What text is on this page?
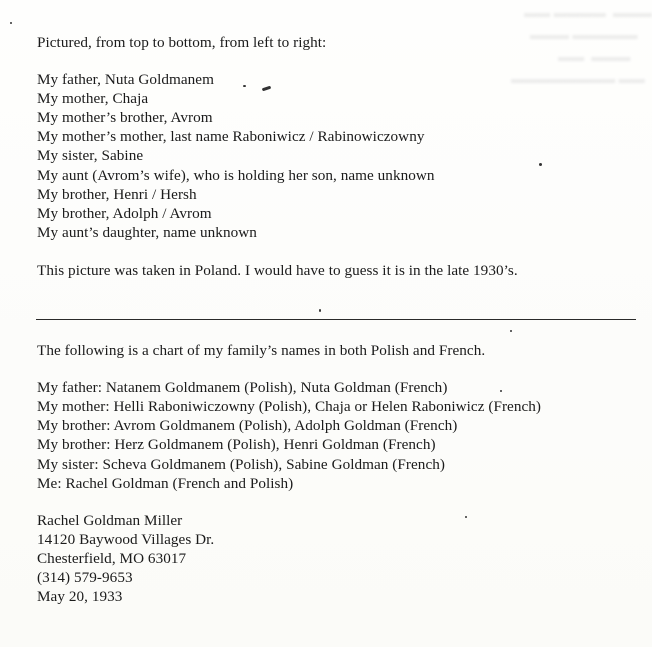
▬▬▬  ▬▬▬▬ ▬▬
▬▬▬▬▬ ▬▬▬
▬▬▬  ▬▬
▬▬ ▬▬▬▬▬▬▬▬
Pictured, from top to bottom, from left to right:
My father, Nuta Goldmanem
My mother, Chaja
My mother’s brother, Avrom
My mother’s mother, last name Raboniwicz / Rabinowiczowny
My sister, Sabine
My aunt (Avrom’s wife), who is holding her son, name unknown
My brother, Henri / Hersh
My brother, Adolph / Avrom
My aunt’s daughter, name unknown
This picture was taken in Poland. I would have to guess it is in the late 1930’s.
The following is a chart of my family’s names in both Polish and French.
My father: Natanem Goldmanem (Polish), Nuta Goldman (French)
My mother: Helli Raboniwiczowny (Polish), Chaja or Helen Raboniwicz (French)
My brother: Avrom Goldmanem (Polish), Adolph Goldman (French)
My brother: Herz Goldmanem (Polish), Henri Goldman (French)
My sister: Scheva Goldmanem (Polish), Sabine Goldman (French)
Me: Rachel Goldman (French and Polish)
Rachel Goldman Miller
14120 Baywood Villages Dr.
Chesterfield, MO 63017
(314) 579-9653
May 20, 1933
